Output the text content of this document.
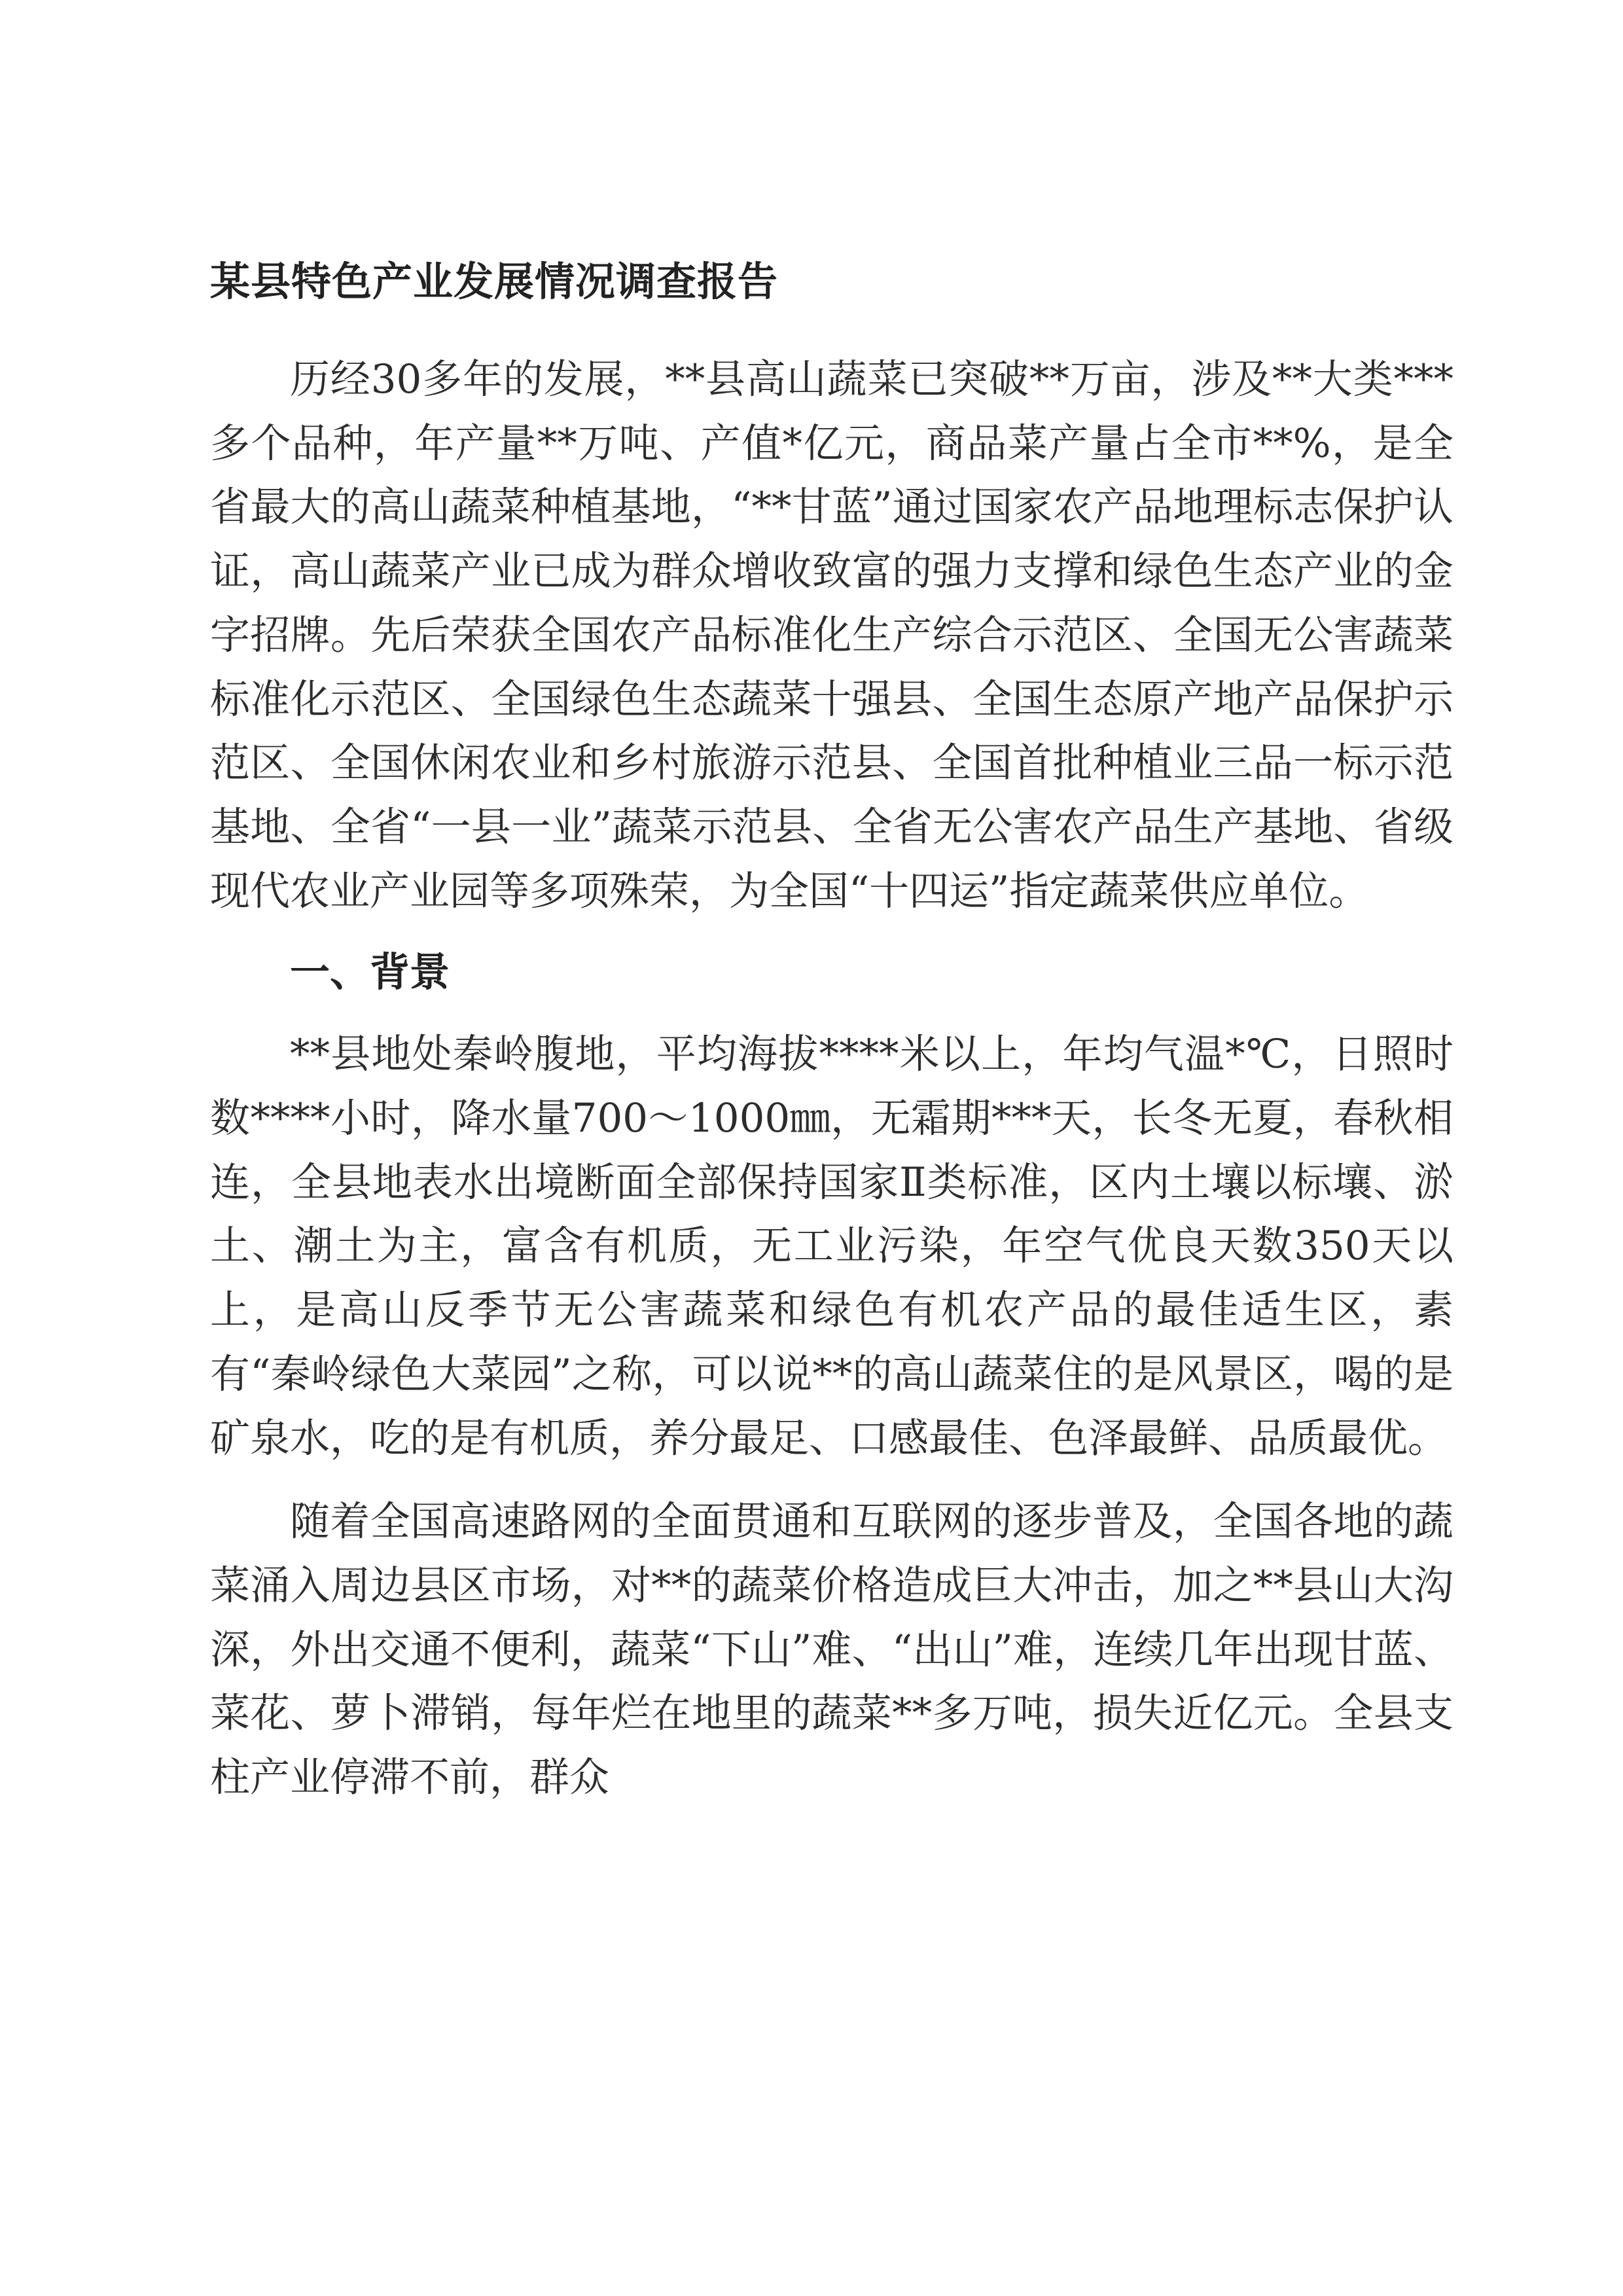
某县特色产业发展情况调查报告

历经30多年的发展，**县高山蔬菜已突破**万亩，涉及**大类***多个品种，年产量**万吨、产值*亿元，商品菜产量占全市**%，是全省最大的高山蔬菜种植基地，“**甘蓝”通过国家农产品地理标志保护认证，高山蔬菜产业已成为群众增收致富的强力支撑和绿色生态产业的金字招牌。先后荣获全国农产品标准化生产综合示范区、全国无公害蔬菜标准化示范区、全国绿色生态蔬菜十强县、全国生态原产地产品保护示范区、全国休闲农业和乡村旅游示范县、全国首批种植业三品一标示范基地、全省“一县一业”蔬菜示范县、全省无公害农产品生产基地、省级现代农业产业园等多项殊荣，为全国“十四运”指定蔬菜供应单位。

一、背景

**县地处秦岭腹地，平均海拔****米以上，年均气温*℃，日照时数****小时，降水量700～1000㎜，无霜期***天，长冬无夏，春秋相连，全县地表水出境断面全部保持国家Ⅱ类标准，区内土壤以标壤、淤土、潮土为主，富含有机质，无工业污染，年空气优良天数350天以上，是高山反季节无公害蔬菜和绿色有机农产品的最佳适生区，素有“秦岭绿色大菜园”之称，可以说**的高山蔬菜住的是风景区，喝的是矿泉水，吃的是有机质，养分最足、口感最佳、色泽最鲜、品质最优。

随着全国高速路网的全面贯通和互联网的逐步普及，全国各地的蔬菜涌入周边县区市场，对**的蔬菜价格造成巨大冲击，加之**县山大沟深，外出交通不便利，蔬菜“下山”难、“出山”难，连续几年出现甘蓝、菜花、萝卜滞销，每年烂在地里的蔬菜**多万吨，损失近亿元。全县支柱产业停滞不前，群众
